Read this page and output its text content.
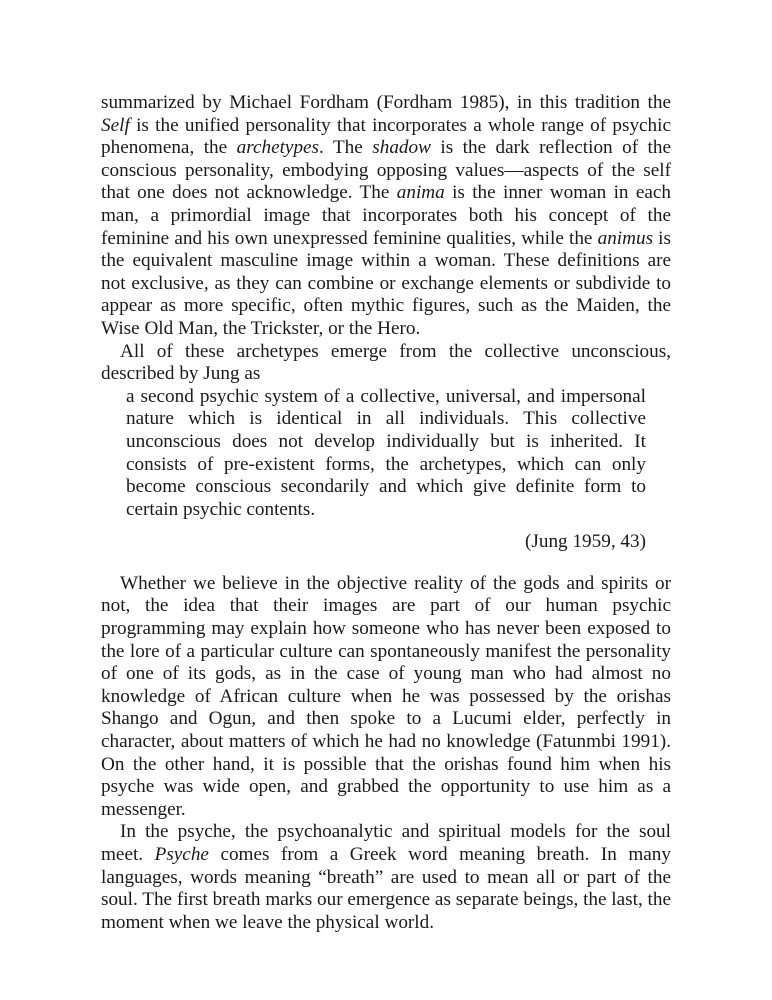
summarized by Michael Fordham (Fordham 1985), in this tradition the Self is the unified personality that incorporates a whole range of psychic phenomena, the archetypes. The shadow is the dark reflection of the conscious personality, embodying opposing values—aspects of the self that one does not acknowledge. The anima is the inner woman in each man, a primordial image that incorporates both his concept of the feminine and his own unexpressed feminine qualities, while the animus is the equivalent masculine image within a woman. These definitions are not exclusive, as they can combine or exchange elements or subdivide to appear as more specific, often mythic figures, such as the Maiden, the Wise Old Man, the Trickster, or the Hero.

All of these archetypes emerge from the collective unconscious, described by Jung as

a second psychic system of a collective, universal, and impersonal nature which is identical in all individuals. This collective unconscious does not develop individually but is inherited. It consists of pre-existent forms, the archetypes, which can only become conscious secondarily and which give definite form to certain psychic contents.

(Jung 1959, 43)

Whether we believe in the objective reality of the gods and spirits or not, the idea that their images are part of our human psychic programming may explain how someone who has never been exposed to the lore of a particular culture can spontaneously manifest the personality of one of its gods, as in the case of young man who had almost no knowledge of African culture when he was possessed by the orishas Shango and Ogun, and then spoke to a Lucumi elder, perfectly in character, about matters of which he had no knowledge (Fatunmbi 1991). On the other hand, it is possible that the orishas found him when his psyche was wide open, and grabbed the opportunity to use him as a messenger.

In the psyche, the psychoanalytic and spiritual models for the soul meet. Psyche comes from a Greek word meaning breath. In many languages, words meaning “breath” are used to mean all or part of the soul. The first breath marks our emergence as separate beings, the last, the moment when we leave the physical world.
